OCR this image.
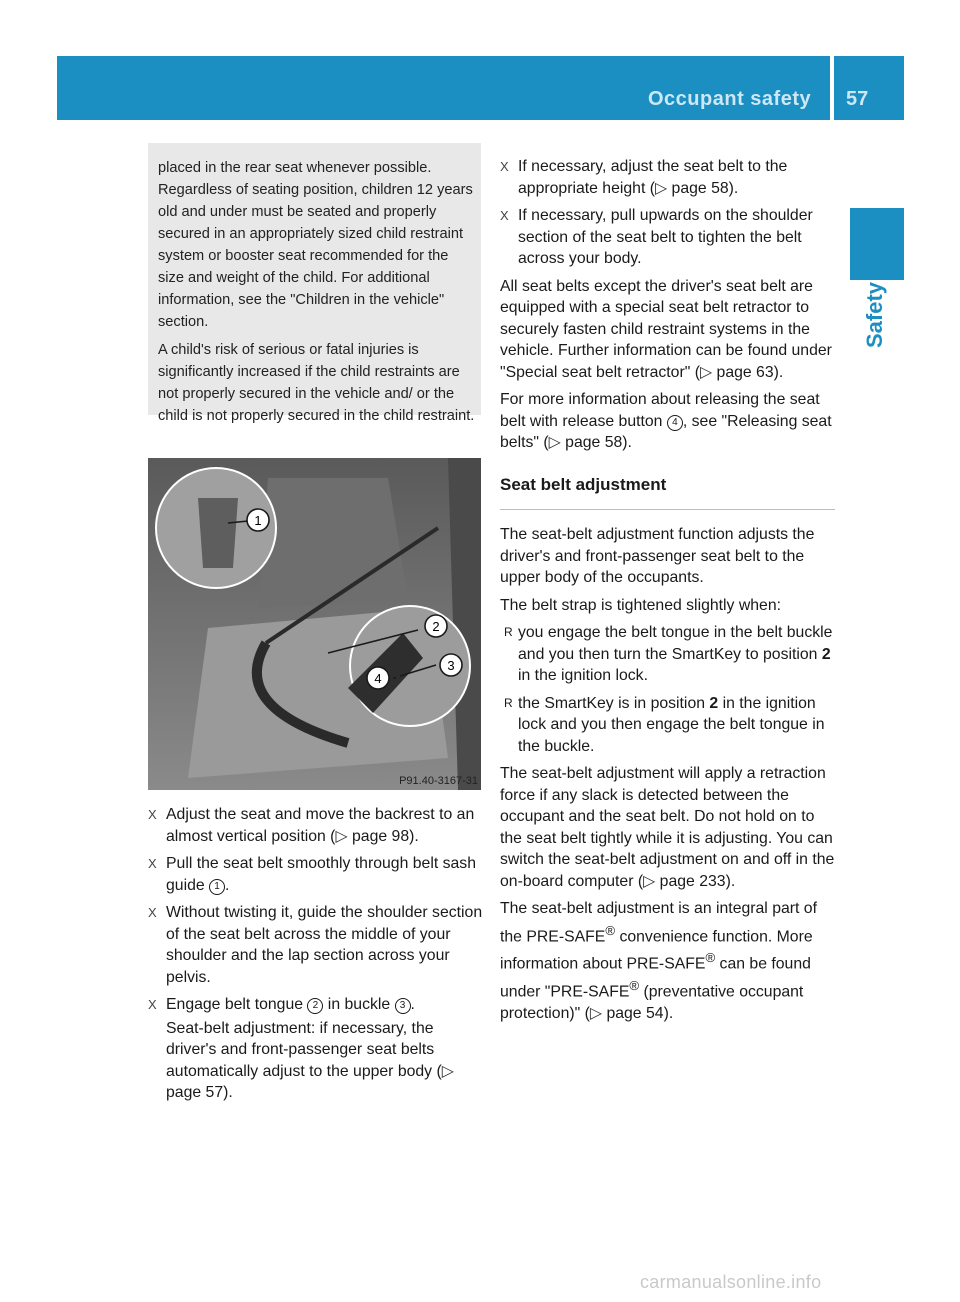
Occupant safety	57
Safety

placed in the rear seat whenever possible. Regardless of seating position, children 12 years old and under must be seated and properly secured in an appropriately sized child restraint system or booster seat recommended for the size and weight of the child. For additional information, see the "Children in the vehicle" section.

A child's risk of serious or fatal injuries is significantly increased if the child restraints are not properly secured in the vehicle and/ or the child is not properly secured in the child restraint.

1
2
3
4
P91.40-3167-31
X Adjust the seat and move the backrest to an almost vertical position (▷ page 98).
X Pull the seat belt smoothly through belt sash guide 1 .
X Without twisting it, guide the shoulder section of the seat belt across the middle of your shoulder and the lap section across your pelvis.
X Engage belt tongue 2 in buckle 3 .
Seat-belt adjustment: if necessary, the driver's and front-passenger seat belts automatically adjust to the upper body (▷ page 57).
X If necessary, adjust the seat belt to the appropriate height (▷ page 58).
X If necessary, pull upwards on the shoulder section of the seat belt to tighten the belt across your body.

All seat belts except the driver's seat belt are equipped with a special seat belt retractor to securely fasten child restraint systems in the vehicle. Further information can be found under "Special seat belt retractor" (▷ page 63).

For more information about releasing the seat belt with release button 4 , see "Releasing seat belts" (▷ page 58).

Seat belt adjustment

The seat-belt adjustment function adjusts the driver's and front-passenger seat belt to the upper body of the occupants.

The belt strap is tightened slightly when:

R you engage the belt tongue in the belt buckle and you then turn the SmartKey to position 2 in the ignition lock.
R the SmartKey is in position 2 in the ignition lock and you then engage the belt tongue in the buckle.

The seat-belt adjustment will apply a retraction force if any slack is detected between the occupant and the seat belt. Do not hold on to the seat belt tightly while it is adjusting. You can switch the seat-belt adjustment on and off in the on-board computer (▷ page 233).

The seat-belt adjustment is an integral part of the PRE-SAFE® convenience function. More information about PRE-SAFE® can be found under "PRE-SAFE® (preventative occupant protection)" (▷ page 54).

carmanualsonline.info
